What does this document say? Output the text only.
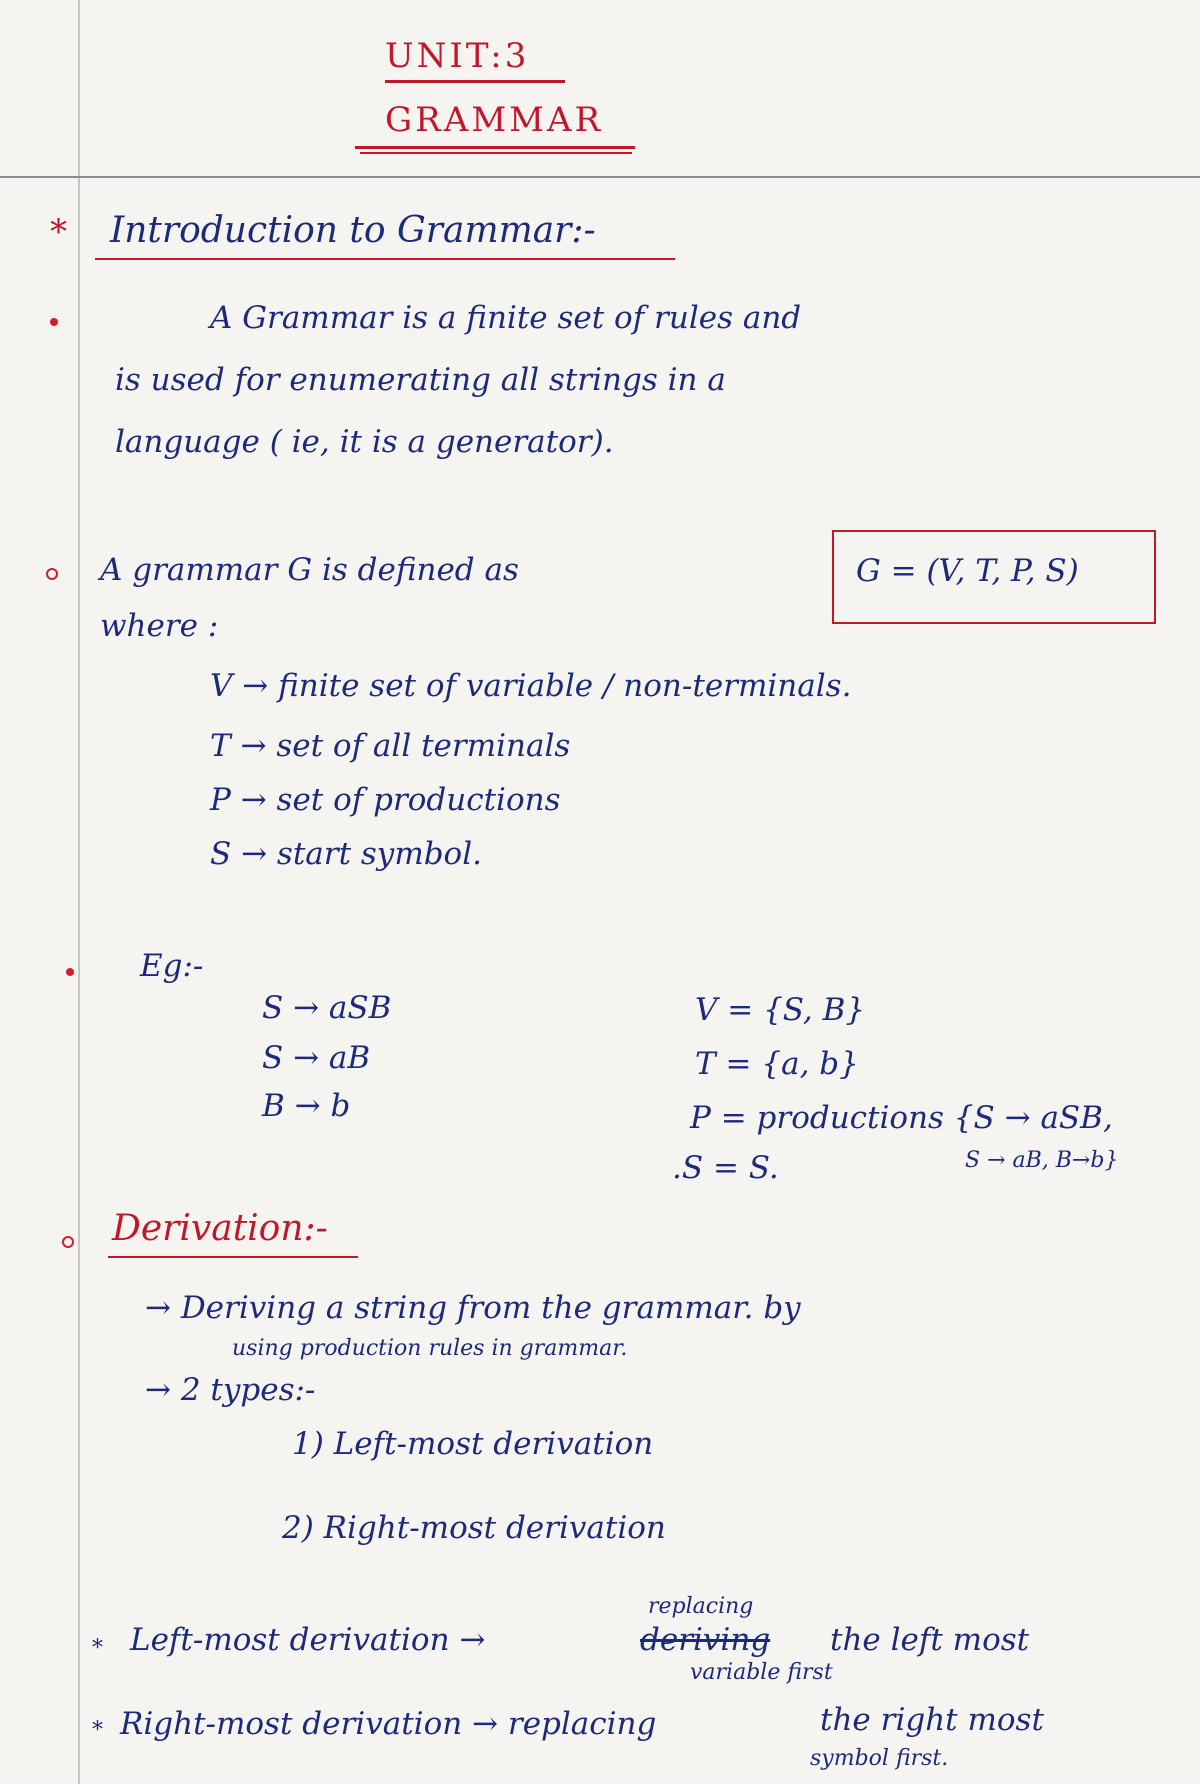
UNIT:3
GRAMMAR
* Introduction to Grammar:-
A Grammar is a finite set of rules and
is used for enumerating all strings in a
language ( ie, it is a generator).
A grammar G is defined as	G = (V, T, P, S)
where :
V → finite set of variable / non-terminals.
T → set of all terminals
P → set of productions
S → start symbol.
Eg:-
S → aSB
S → aB
B → b
V = {S, B}
T = {a, b}
P = productions {S → aSB,
S → aB, B→b}
.S = S.
Derivation:-
→ Deriving a string from the grammar. by
using production rules in grammar.
→ 2 types:-
1) Left-most derivation
2) Right-most derivation
* Left-most derivation →
replacing
deriving the left most
variable first
* Right-most derivation → replacing	the right most
symbol first.
